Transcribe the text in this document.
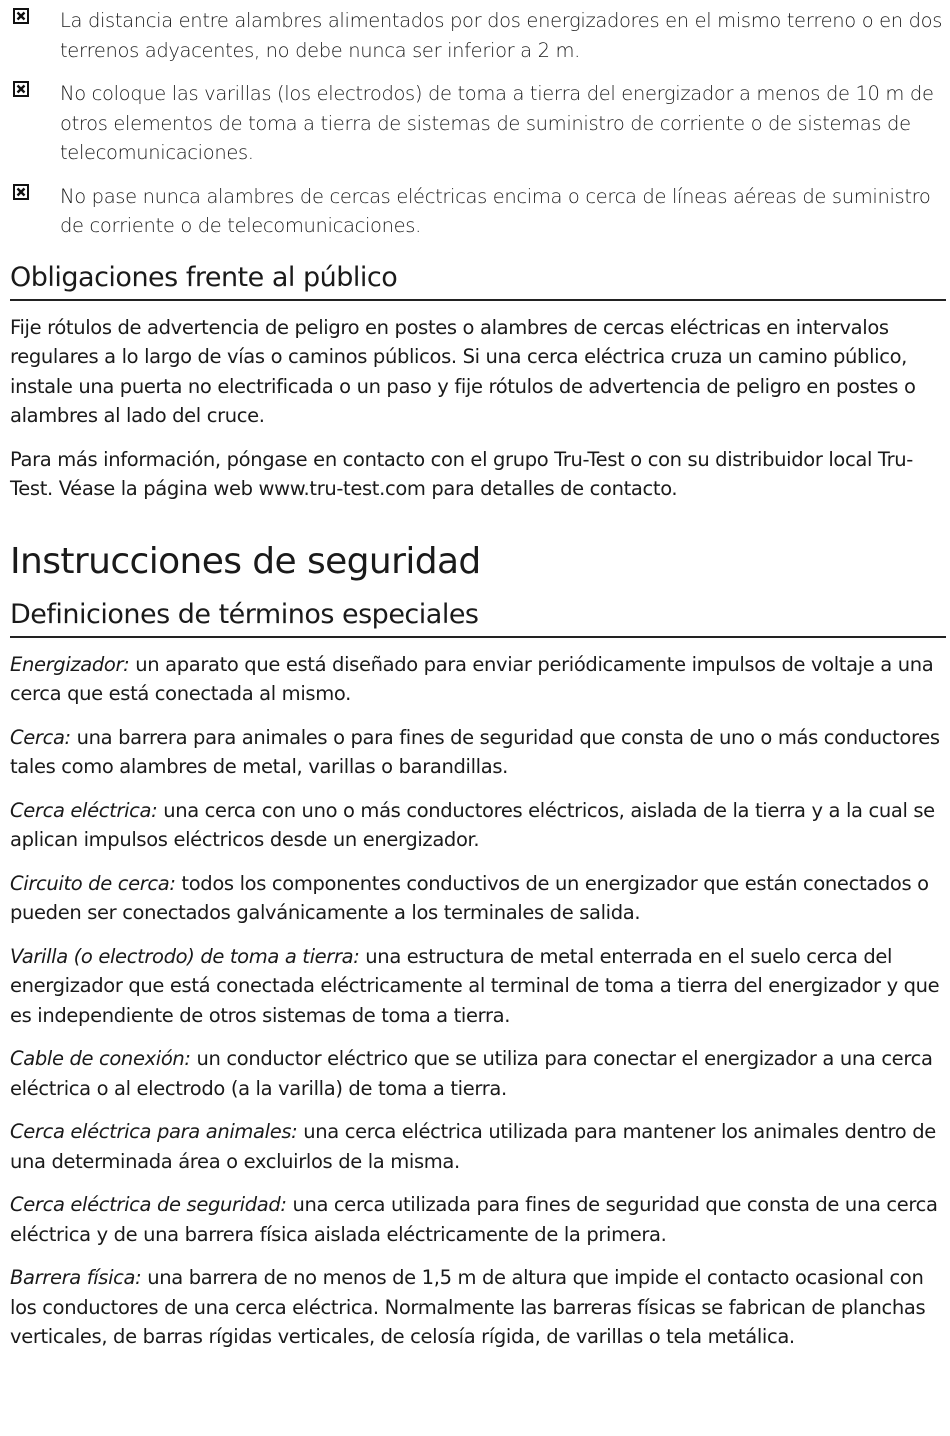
La distancia entre alambres alimentados por dos energizadores en el mismo terreno o en dos terrenos adyacentes, no debe nunca ser inferior a 2 m.
No coloque las varillas (los electrodos) de toma a tierra del energizador a menos de 10 m de otros elementos de toma a tierra de sistemas de suministro de corriente o de sistemas de telecomunicaciones.
No pase nunca alambres de cercas eléctricas encima o cerca de líneas aéreas de suministro de corriente o de telecomunicaciones.
Obligaciones frente al público

Fije rótulos de advertencia de peligro en postes o alambres de cercas eléctricas en intervalos regulares a lo largo de vías o caminos públicos. Si una cerca eléctrica cruza un camino público, instale una puerta no electrificada o un paso y fije rótulos de advertencia de peligro en postes o alambres al lado del cruce.

Para más información, póngase en contacto con el grupo Tru-Test o con su distribuidor local Tru-Test. Véase la página web www.tru-test.com para detalles de contacto.

Instrucciones de seguridad
Definiciones de términos especiales

Energizador: un aparato que está diseñado para enviar periódicamente impulsos de voltaje a una cerca que está conectada al mismo.

Cerca: una barrera para animales o para fines de seguridad que consta de uno o más conductores tales como alambres de metal, varillas o barandillas.

Cerca eléctrica: una cerca con uno o más conductores eléctricos, aislada de la tierra y a la cual se aplican impulsos eléctricos desde un energizador.

Circuito de cerca: todos los componentes conductivos de un energizador que están conectados o pueden ser conectados galvánicamente a los terminales de salida.

Varilla (o electrodo) de toma a tierra: una estructura de metal enterrada en el suelo cerca del energizador que está conectada eléctricamente al terminal de toma a tierra del energizador y que es independiente de otros sistemas de toma a tierra.

Cable de conexión: un conductor eléctrico que se utiliza para conectar el energizador a una cerca eléctrica o al electrodo (a la varilla) de toma a tierra.

Cerca eléctrica para animales: una cerca eléctrica utilizada para mantener los animales dentro de una determinada área o excluirlos de la misma.

Cerca eléctrica de seguridad: una cerca utilizada para fines de seguridad que consta de una cerca eléctrica y de una barrera física aislada eléctricamente de la primera.

Barrera física: una barrera de no menos de 1,5 m de altura que impide el contacto ocasional con los conductores de una cerca eléctrica. Normalmente las barreras físicas se fabrican de planchas verticales, de barras rígidas verticales, de celosía rígida, de varillas o tela metálica.
